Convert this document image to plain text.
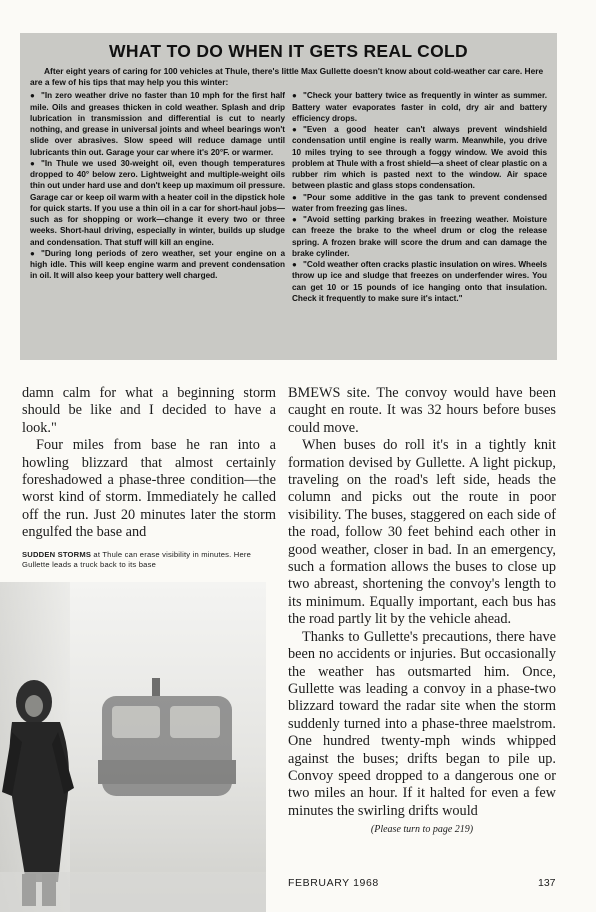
WHAT TO DO WHEN IT GETS REAL COLD

After eight years of caring for 100 vehicles at Thule, there's little Max Gullette doesn't know about cold-weather car care. Here are a few of his tips that may help you this winter:

●"In zero weather drive no faster than 10 mph for the first half mile. Oils and greases thicken in cold weather. Splash and drip lubrication in transmission and differential is cut to nearly nothing, and grease in universal joints and wheel bearings won't slide over abrasives. Slow speed will reduce damage until lubricants thin out. Garage your car where it's 20°F. or warmer.

●"In Thule we used 30-weight oil, even though temperatures dropped to 40° below zero. Lightweight and multiple-weight oils thin out under hard use and don't keep up maximum oil pressure. Garage car or keep oil warm with a heater coil in the dipstick hole for quick starts. If you use a thin oil in a car for short-haul jobs—such as for shopping or work—change it every two or three weeks. Short-haul driving, especially in winter, builds up sludge and condensation. That stuff will kill an engine.

●"During long periods of zero weather, set your engine on a high idle. This will keep engine warm and prevent condensation in oil. It will also keep your battery well charged.

●"Check your battery twice as frequently in winter as summer. Battery water evaporates faster in cold, dry air and battery efficiency drops.

●"Even a good heater can't always prevent windshield condensation until engine is really warm. Meanwhile, you drive 10 miles trying to see through a foggy window. We avoid this problem at Thule with a frost shield—a sheet of clear plastic on a rubber rim which is pasted next to the window. Air space between plastic and glass stops condensation.

●"Pour some additive in the gas tank to prevent condensed water from freezing gas lines.

●"Avoid setting parking brakes in freezing weather. Moisture can freeze the brake to the wheel drum or clog the release spring. A frozen brake will score the drum and can damage the brake cylinder.

●"Cold weather often cracks plastic insulation on wires. Wheels throw up ice and sludge that freezes on underfender wires. You can get 10 or 15 pounds of ice hanging onto that insulation. Check it frequently to make sure it's intact."

damn calm for what a beginning storm should be like and I decided to have a look."

Four miles from base he ran into a howling blizzard that almost certainly foreshadowed a phase-three condition—the worst kind of storm. Immediately he called off the run. Just 20 minutes later the storm engulfed the base and

SUDDEN STORMS at Thule can erase visibility in minutes. Here Gullette leads a truck back to its base

BMEWS site. The convoy would have been caught en route. It was 32 hours before buses could move.

When buses do roll it's in a tightly knit formation devised by Gullette. A light pickup, traveling on the road's left side, heads the column and picks out the route in poor visibility. The buses, staggered on each side of the road, follow 30 feet behind each other in good weather, closer in bad. In an emergency, such a formation allows the buses to close up two abreast, shortening the convoy's length to its minimum. Equally important, each bus has the road partly lit by the vehicle ahead.

Thanks to Gullette's precautions, there have been no accidents or injuries. But occasionally the weather has outsmarted him. Once, Gullette was leading a convoy in a phase-two blizzard toward the radar site when the storm suddenly turned into a phase-three maelstrom. One hundred twenty-mph winds whipped against the buses; drifts began to pile up. Convoy speed dropped to a dangerous one or two miles an hour. If it halted for even a few minutes the swirling drifts would

(Please turn to page 219)
FEBRUARY 1968	137
